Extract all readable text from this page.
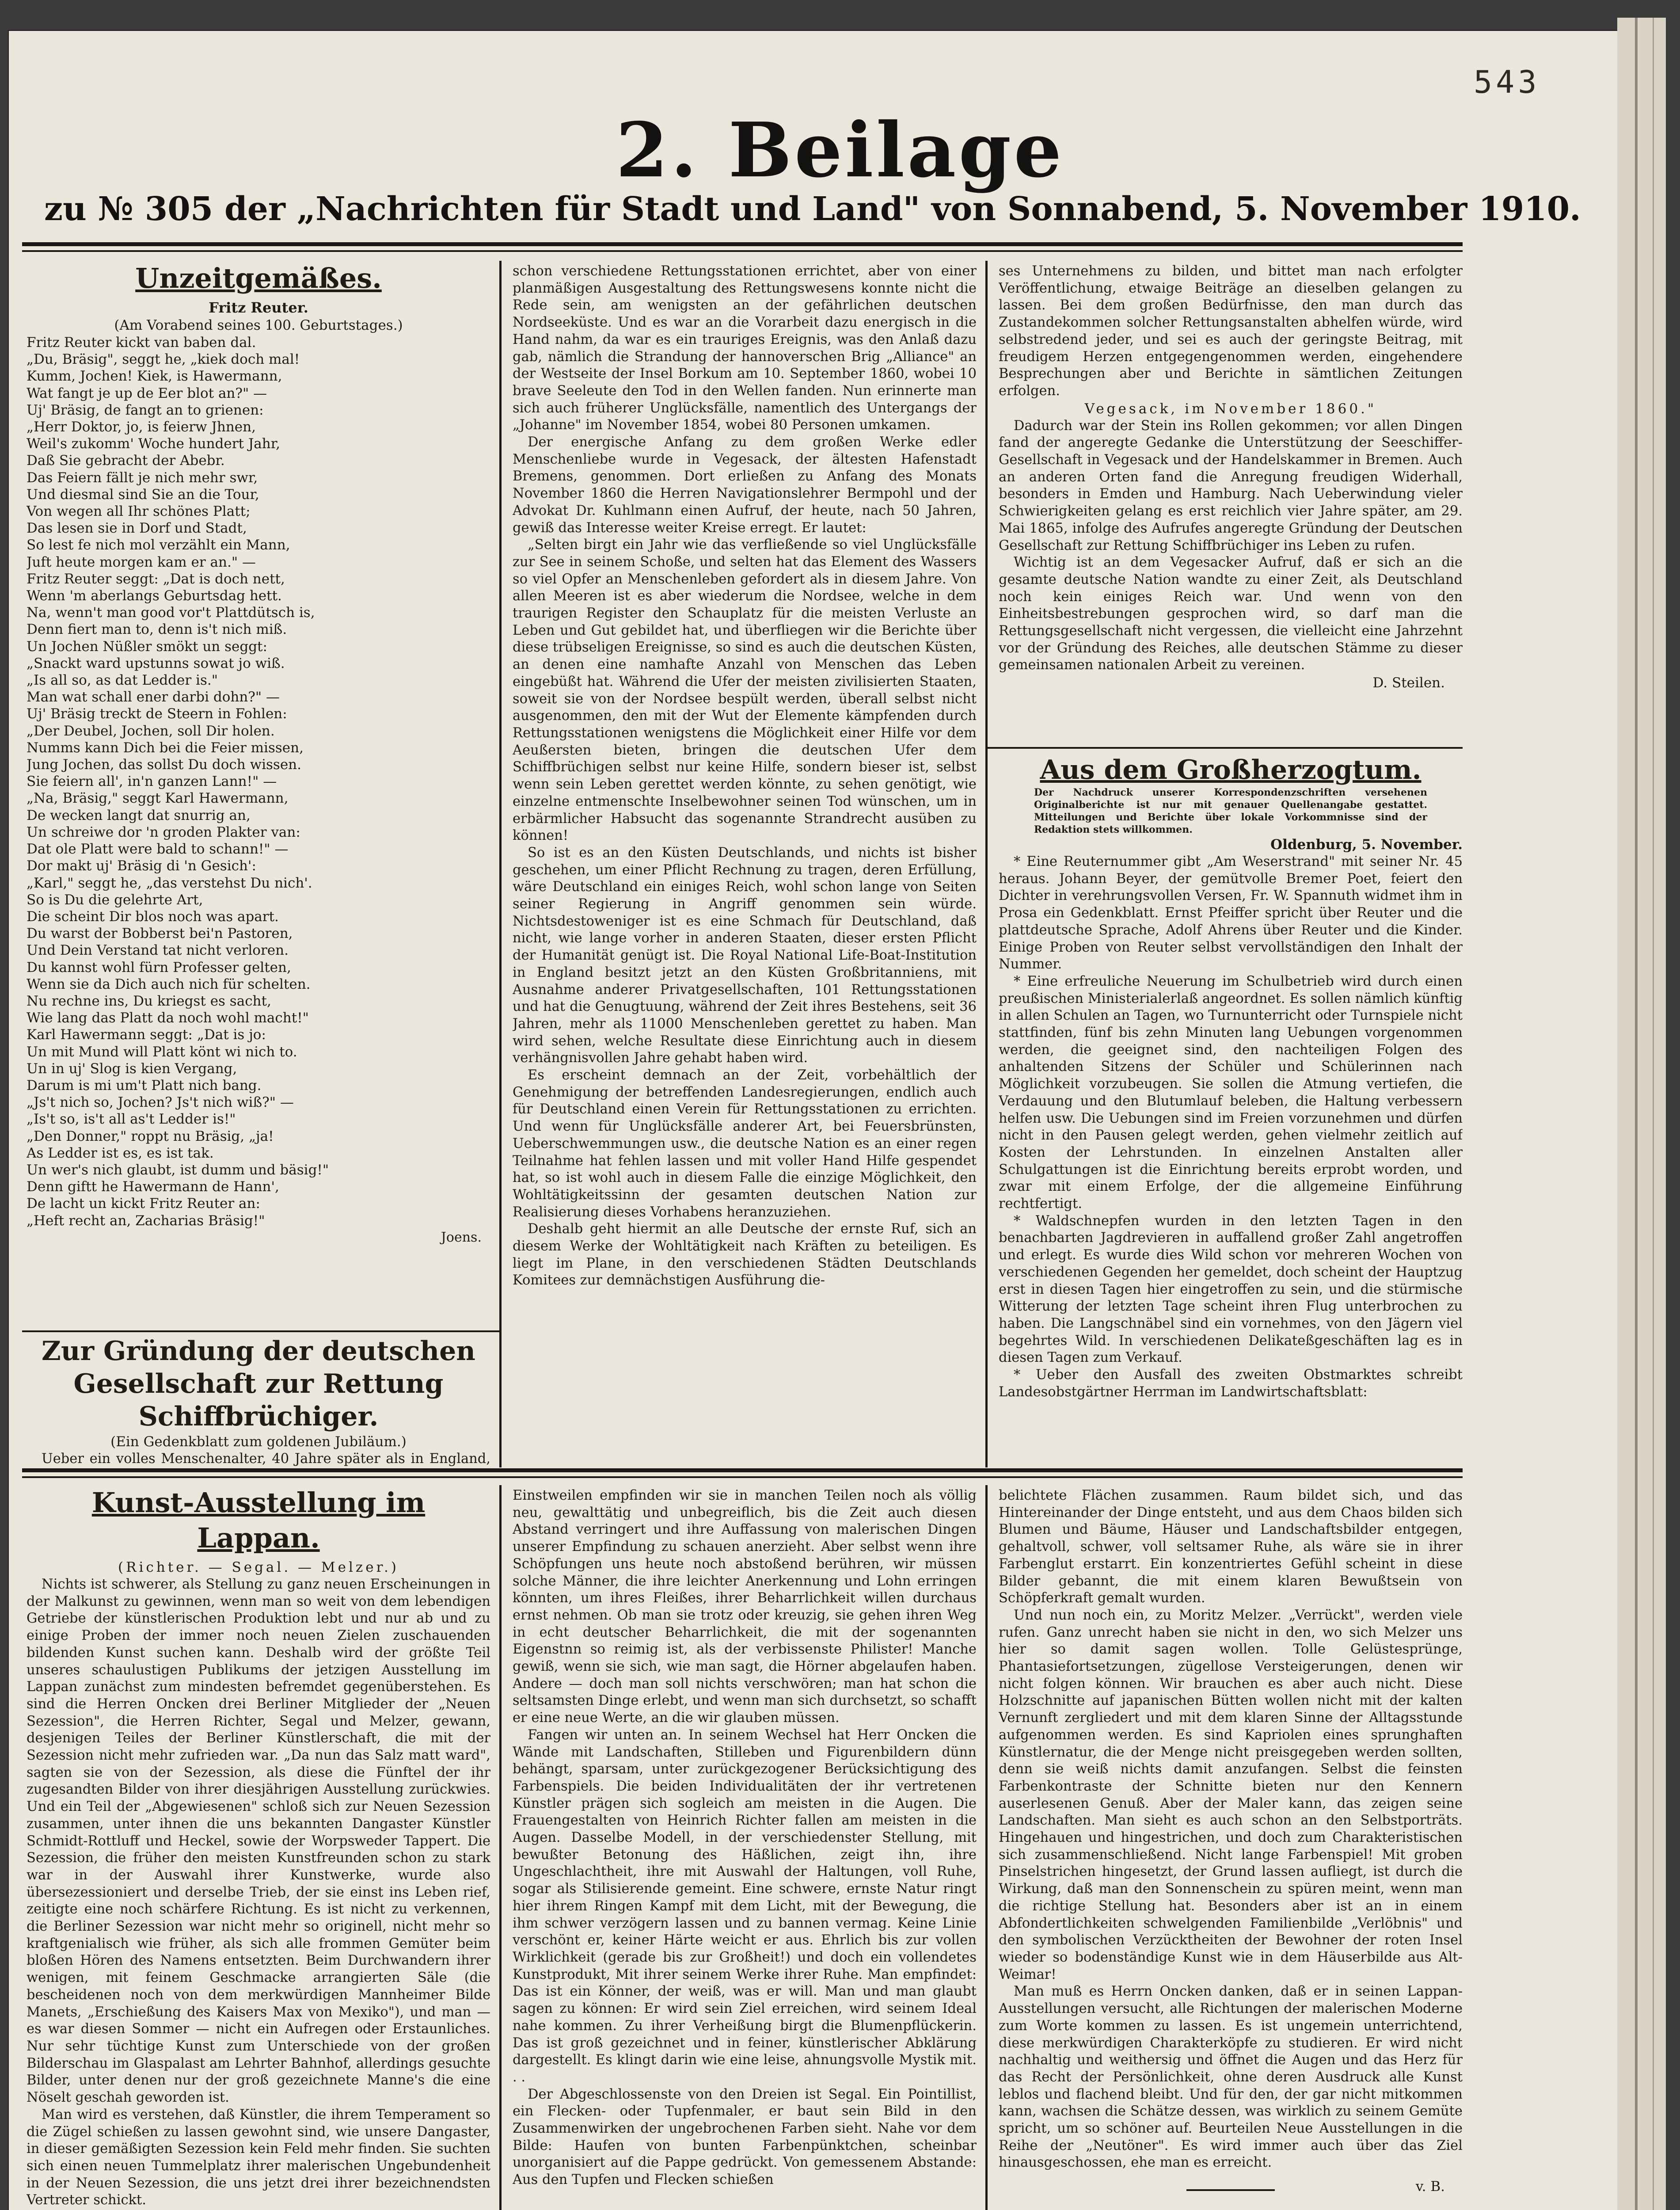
543
2. Beilage
zu № 305 der „Nachrichten für Stadt und Land" von Sonnabend, 5. November 1910.
Unzeitgemäßes.
Fritz Reuter.
(Am Vorabend seines 100. Geburtstages.)
Fritz Reuter kickt van baben dal.
„Du, Bräsig", seggt he, „kiek doch mal!
Kumm, Jochen! Kiek, is Hawermann,
Wat fangt je up de Eer blot an?" —
Uj' Bräsig, de fangt an to grienen:
„Herr Doktor, jo, is feierw Jhnen,
Weil's zukomm' Woche hundert Jahr,
Daß Sie gebracht der Abebr.
Das Feiern fällt je nich mehr swr,
Und diesmal sind Sie an die Tour,
Von wegen all Ihr schönes Platt;
Das lesen sie in Dorf und Stadt,
So lest fe nich mol verzählt ein Mann,
Juft heute morgen kam er an." —
Fritz Reuter seggt: „Dat is doch nett,
Wenn 'm aberlangs Geburtsdag hett.
Na, wenn't man good vor't Plattdütsch is,
Denn fiert man to, denn is't nich miß.
Un Jochen Nüßler smökt un seggt:
„Snackt ward upstunns sowat jo wiß.
„Is all so, as dat Ledder is."
Man wat schall ener darbi dohn?" —
Uj' Bräsig treckt de Steern in Fohlen:
„Der Deubel, Jochen, soll Dir holen.
Numms kann Dich bei die Feier missen,
Jung Jochen, das sollst Du doch wissen.
Sie feiern all', in'n ganzen Lann!" —
„Na, Bräsig," seggt Karl Hawermann,
De wecken langt dat snurrig an,
Un schreiwe dor 'n groden Plakter van:
Dat ole Platt were bald to schann!" —
Dor makt uj' Bräsig di 'n Gesich':
„Karl," seggt he, „das verstehst Du nich'.
So is Du die gelehrte Art,
Die scheint Dir blos noch was apart.
Du warst der Bobberst bei'n Pastoren,
Und Dein Verstand tat nicht verloren.
Du kannst wohl fürn Professer gelten,
Wenn sie da Dich auch nich für schelten.
Nu rechne ins, Du kriegst es sacht,
Wie lang das Platt da noch wohl macht!"
Karl Hawermann seggt: „Dat is jo:
Un mit Mund will Platt könt wi nich to.
Un in uj' Slog is kien Vergang,
Darum is mi um't Platt nich bang.
„Js't nich so, Jochen? Js't nich wiß?" —
„Is't so, is't all as't Ledder is!"
„Den Donner," roppt nu Bräsig, „ja!
As Ledder ist es, es ist tak.
Un wer's nich glaubt, ist dumm und bäsig!"
Denn giftt he Hawermann de Hann',
De lacht un kickt Fritz Reuter an:
„Heft recht an, Zacharias Bräsig!"
Joens.
Zur Gründung der deutschen Gesellschaft zur Rettung Schiffbrüchiger.
(Ein Gedenkblatt zum goldenen Jubiläum.)

Ueber ein volles Menschenalter, 40 Jahre später als in England,

schon verschiedene Rettungsstationen errichtet, aber von einer planmäßigen Ausgestaltung des Rettungswesens konnte nicht die Rede sein, am wenigsten an der gefährlichen deutschen Nordseeküste. Und es war an die Vorarbeit dazu energisch in die Hand nahm, da war es ein trauriges Ereignis, was den Anlaß dazu gab, nämlich die Strandung der hannoverschen Brig „Alliance" an der Westseite der Insel Borkum am 10. September 1860, wobei 10 brave Seeleute den Tod in den Wellen fanden. Nun erinnerte man sich auch früherer Unglücksfälle, namentlich des Untergangs der „Johanne" im November 1854, wobei 80 Personen umkamen.

Der energische Anfang zu dem großen Werke edler Menschenliebe wurde in Vegesack, der ältesten Hafenstadt Bremens, genommen. Dort erließen zu Anfang des Monats November 1860 die Herren Navigationslehrer Bermpohl und der Advokat Dr. Kuhlmann einen Aufruf, der heute, nach 50 Jahren, gewiß das Interesse weiter Kreise erregt. Er lautet:

„Selten birgt ein Jahr wie das verfließende so viel Unglücksfälle zur See in seinem Schoße, und selten hat das Element des Wassers so viel Opfer an Menschenleben gefordert als in diesem Jahre. Von allen Meeren ist es aber wiederum die Nordsee, welche in dem traurigen Register den Schauplatz für die meisten Verluste an Leben und Gut gebildet hat, und überfliegen wir die Berichte über diese trübseligen Ereignisse, so sind es auch die deutschen Küsten, an denen eine namhafte Anzahl von Menschen das Leben eingebüßt hat. Während die Ufer der meisten zivilisierten Staaten, soweit sie von der Nordsee bespült werden, überall selbst nicht ausgenommen, den mit der Wut der Elemente kämpfenden durch Rettungsstationen wenigstens die Möglichkeit einer Hilfe vor dem Aeußersten bieten, bringen die deutschen Ufer dem Schiffbrüchigen selbst nur keine Hilfe, sondern bieser ist, selbst wenn sein Leben gerettet werden könnte, zu sehen genötigt, wie einzelne entmenschte Inselbewohner seinen Tod wünschen, um in erbärmlicher Habsucht das sogenannte Strandrecht ausüben zu können!

So ist es an den Küsten Deutschlands, und nichts ist bisher geschehen, um einer Pflicht Rechnung zu tragen, deren Erfüllung, wäre Deutschland ein einiges Reich, wohl schon lange von Seiten seiner Regierung in Angriff genommen sein würde. Nichtsdestoweniger ist es eine Schmach für Deutschland, daß nicht, wie lange vorher in anderen Staaten, dieser ersten Pflicht der Humanität genügt ist. Die Royal National Life-Boat-Institution in England besitzt jetzt an den Küsten Großbritanniens, mit Ausnahme anderer Privatgesellschaften, 101 Rettungsstationen und hat die Genugtuung, während der Zeit ihres Bestehens, seit 36 Jahren, mehr als 11000 Menschenleben gerettet zu haben. Man wird sehen, welche Resultate diese Einrichtung auch in diesem verhängnisvollen Jahre gehabt haben wird.

Es erscheint demnach an der Zeit, vorbehältlich der Genehmigung der betreffenden Landesregierungen, endlich auch für Deutschland einen Verein für Rettungsstationen zu errichten. Und wenn für Unglücksfälle anderer Art, bei Feuersbrünsten, Ueberschwemmungen usw., die deutsche Nation es an einer regen Teilnahme hat fehlen lassen und mit voller Hand Hilfe gespendet hat, so ist wohl auch in diesem Falle die einzige Möglichkeit, den Wohltätigkeitssinn der gesamten deutschen Nation zur Realisierung dieses Vorhabens heranzuziehen.

Deshalb geht hiermit an alle Deutsche der ernste Ruf, sich an diesem Werke der Wohltätigkeit nach Kräften zu beteiligen. Es liegt im Plane, in den verschiedenen Städten Deutschlands Komitees zur demnächstigen Ausführung die-

ses Unternehmens zu bilden, und bittet man nach erfolgter Veröffentlichung, etwaige Beiträge an dieselben gelangen zu lassen. Bei dem großen Bedürfnisse, den man durch das Zustandekommen solcher Rettungsanstalten abhelfen würde, wird selbstredend jeder, und sei es auch der geringste Beitrag, mit freudigem Herzen entgegengenommen werden, eingehendere Besprechungen aber und Berichte in sämtlichen Zeitungen erfolgen.

Vegesack, im November 1860."

Dadurch war der Stein ins Rollen gekommen; vor allen Dingen fand der angeregte Gedanke die Unterstützung der Seeschiffer-Gesellschaft in Vegesack und der Handelskammer in Bremen. Auch an anderen Orten fand die Anregung freudigen Widerhall, besonders in Emden und Hamburg. Nach Ueberwindung vieler Schwierigkeiten gelang es erst reichlich vier Jahre später, am 29. Mai 1865, infolge des Aufrufes angeregte Gründung der Deutschen Gesellschaft zur Rettung Schiffbrüchiger ins Leben zu rufen.

Wichtig ist an dem Vegesacker Aufruf, daß er sich an die gesamte deutsche Nation wandte zu einer Zeit, als Deutschland noch kein einiges Reich war. Und wenn von den Einheitsbestrebungen gesprochen wird, so darf man die Rettungsgesellschaft nicht vergessen, die vielleicht eine Jahrzehnt vor der Gründung des Reiches, alle deutschen Stämme zu dieser gemeinsamen nationalen Arbeit zu vereinen.

D. Steilen.
Aus dem Großherzogtum.
Der Nachdruck unserer Korrespondenzschriften versehenen Originalberichte ist nur mit genauer Quellenangabe gestattet. Mitteilungen und Berichte über lokale Vorkommnisse sind der Redaktion stets willkommen.
Oldenburg, 5. November.

* Eine Reuternummer gibt „Am Weserstrand" mit seiner Nr. 45 heraus. Johann Beyer, der gemütvolle Bremer Poet, feiert den Dichter in verehrungsvollen Versen, Fr. W. Spannuth widmet ihm in Prosa ein Gedenkblatt. Ernst Pfeiffer spricht über Reuter und die plattdeutsche Sprache, Adolf Ahrens über Reuter und die Kinder. Einige Proben von Reuter selbst vervollständigen den Inhalt der Nummer.

* Eine erfreuliche Neuerung im Schulbetrieb wird durch einen preußischen Ministerialerlaß angeordnet. Es sollen nämlich künftig in allen Schulen an Tagen, wo Turnunterricht oder Turnspiele nicht stattfinden, fünf bis zehn Minuten lang Uebungen vorgenommen werden, die geeignet sind, den nachteiligen Folgen des anhaltenden Sitzens der Schüler und Schülerinnen nach Möglichkeit vorzubeugen. Sie sollen die Atmung vertiefen, die Verdauung und den Blutumlauf beleben, die Haltung verbessern helfen usw. Die Uebungen sind im Freien vorzunehmen und dürfen nicht in den Pausen gelegt werden, gehen vielmehr zeitlich auf Kosten der Lehrstunden. In einzelnen Anstalten aller Schulgattungen ist die Einrichtung bereits erprobt worden, und zwar mit einem Erfolge, der die allgemeine Einführung rechtfertigt.

* Waldschnepfen wurden in den letzten Tagen in den benachbarten Jagdrevieren in auffallend großer Zahl angetroffen und erlegt. Es wurde dies Wild schon vor mehreren Wochen von verschiedenen Gegenden her gemeldet, doch scheint der Hauptzug erst in diesen Tagen hier eingetroffen zu sein, und die stürmische Witterung der letzten Tage scheint ihren Flug unterbrochen zu haben. Die Langschnäbel sind ein vornehmes, von den Jägern viel begehrtes Wild. In verschiedenen Delikateßgeschäften lag es in diesen Tagen zum Verkauf.

* Ueber den Ausfall des zweiten Obstmarktes schreibt Landesobstgärtner Herrman im Landwirtschaftsblatt:

Kunst-Ausstellung im Lappan.
(Richter. — Segal. — Melzer.)

Nichts ist schwerer, als Stellung zu ganz neuen Erscheinungen in der Malkunst zu gewinnen, wenn man so weit von dem lebendigen Getriebe der künstlerischen Produktion lebt und nur ab und zu einige Proben der immer noch neuen Zielen zuschauenden bildenden Kunst suchen kann. Deshalb wird der größte Teil unseres schaulustigen Publikums der jetzigen Ausstellung im Lappan zunächst zum mindesten befremdet gegenüberstehen. Es sind die Herren Oncken drei Berliner Mitglieder der „Neuen Sezession", die Herren Richter, Segal und Melzer, gewann, desjenigen Teiles der Berliner Künstlerschaft, die mit der Sezession nicht mehr zufrieden war. „Da nun das Salz matt ward", sagten sie von der Sezession, als diese die Fünftel der ihr zugesandten Bilder von ihrer diesjährigen Ausstellung zurückwies. Und ein Teil der „Abgewiesenen" schloß sich zur Neuen Sezession zusammen, unter ihnen die uns bekannten Dangaster Künstler Schmidt-Rottluff und Heckel, sowie der Worpsweder Tappert. Die Sezession, die früher den meisten Kunstfreunden schon zu stark war in der Auswahl ihrer Kunstwerke, wurde also übersezessioniert und derselbe Trieb, der sie einst ins Leben rief, zeitigte eine noch schärfere Richtung. Es ist nicht zu verkennen, die Berliner Sezession war nicht mehr so originell, nicht mehr so kraftgenialisch wie früher, als sich alle frommen Gemüter beim bloßen Hören des Namens entsetzten. Beim Durchwandern ihrer wenigen, mit feinem Geschmacke arrangierten Säle (die bescheidenen noch von dem merkwürdigen Mannheimer Bilde Manets, „Erschießung des Kaisers Max von Mexiko"), und man — es war diesen Sommer — nicht ein Aufregen oder Erstaunliches. Nur sehr tüchtige Kunst zum Unterschiede von der großen Bilderschau im Glaspalast am Lehrter Bahnhof, allerdings gesuchte Bilder, unter denen nur der groß gezeichnete Manne's die eine Nöselt geschah geworden ist.

Man wird es verstehen, daß Künstler, die ihrem Temperament so die Zügel schießen zu lassen gewohnt sind, wie unsere Dangaster, in dieser gemäßigten Sezession kein Feld mehr finden. Sie suchten sich einen neuen Tummelplatz ihrer malerischen Ungebundenheit in der Neuen Sezession, die uns jetzt drei ihrer bezeichnendsten Vertreter schickt.

Einstweilen empfinden wir sie in manchen Teilen noch als völlig neu, gewalttätig und unbegreiflich, bis die Zeit auch diesen Abstand verringert und ihre Auffassung von malerischen Dingen unserer Empfindung zu schauen anerzieht. Aber selbst wenn ihre Schöpfungen uns heute noch abstoßend berühren, wir müssen solche Männer, die ihre leichter Anerkennung und Lohn erringen könnten, um ihres Fleißes, ihrer Beharrlichkeit willen durchaus ernst nehmen. Ob man sie trotz oder kreuzig, sie gehen ihren Weg in echt deutscher Beharrlichkeit, die mit der sogenannten Eigenstnn so reimig ist, als der verbissenste Philister! Manche gewiß, wenn sie sich, wie man sagt, die Hörner abgelaufen haben. Andere — doch man soll nichts verschwören; man hat schon die seltsamsten Dinge erlebt, und wenn man sich durchsetzt, so schafft er eine neue Werte, an die wir glauben müssen.

Fangen wir unten an. In seinem Wechsel hat Herr Oncken die Wände mit Landschaften, Stilleben und Figurenbildern dünn behängt, sparsam, unter zurückgezogener Berücksichtigung des Farbenspiels. Die beiden Individualitäten der ihr vertretenen Künstler prägen sich sogleich am meisten in die Augen. Die Frauengestalten von Heinrich Richter fallen am meisten in die Augen. Dasselbe Modell, in der verschiedenster Stellung, mit bewußter Betonung des Häßlichen, zeigt ihn, ihre Ungeschlachtheit, ihre mit Auswahl der Haltungen, voll Ruhe, sogar als Stilisierende gemeint. Eine schwere, ernste Natur ringt hier ihrem Ringen Kampf mit dem Licht, mit der Bewegung, die ihm schwer verzögern lassen und zu bannen vermag. Keine Linie verschönt er, keiner Härte weicht er aus. Ehrlich bis zur vollen Wirklichkeit (gerade bis zur Großheit!) und doch ein vollendetes Kunstprodukt, Mit ihrer seinem Werke ihrer Ruhe. Man empfindet: Das ist ein Könner, der weiß, was er will. Man und man glaubt sagen zu können: Er wird sein Ziel erreichen, wird seinem Ideal nahe kommen. Zu ihrer Verheißung birgt die Blumenpflückerin. Das ist groß gezeichnet und in feiner, künstlerischer Abklärung dargestellt. Es klingt darin wie eine leise, ahnungsvolle Mystik mit. . .

Der Abgeschlossenste von den Dreien ist Segal. Ein Pointillist, ein Flecken- oder Tupfenmaler, er baut sein Bild in den Zusammenwirken der ungebrochenen Farben sieht. Nahe vor dem Bilde: Haufen von bunten Farbenpünktchen, scheinbar unorganisiert auf die Pappe gedrückt. Von gemessenem Abstande: Aus den Tupfen und Flecken schießen

belichtete Flächen zusammen. Raum bildet sich, und das Hintereinander der Dinge entsteht, und aus dem Chaos bilden sich Blumen und Bäume, Häuser und Landschaftsbilder entgegen, gehaltvoll, schwer, voll seltsamer Ruhe, als wäre sie in ihrer Farbenglut erstarrt. Ein konzentriertes Gefühl scheint in diese Bilder gebannt, die mit einem klaren Bewußtsein von Schöpferkraft gemalt wurden.

Und nun noch ein, zu Moritz Melzer. „Verrückt", werden viele rufen. Ganz unrecht haben sie nicht in den, wo sich Melzer uns hier so damit sagen wollen. Tolle Gelüstesprünge, Phantasiefortsetzungen, zügellose Versteigerungen, denen wir nicht folgen können. Wir brauchen es aber auch nicht. Diese Holzschnitte auf japanischen Bütten wollen nicht mit der kalten Vernunft zergliedert und mit dem klaren Sinne der Alltagsstunde aufgenommen werden. Es sind Kapriolen eines sprunghaften Künstlernatur, die der Menge nicht preisgegeben werden sollten, denn sie weiß nichts damit anzufangen. Selbst die feinsten Farbenkontraste der Schnitte bieten nur den Kennern auserlesenen Genuß. Aber der Maler kann, das zeigen seine Landschaften. Man sieht es auch schon an den Selbstporträts. Hingehauen und hingestrichen, und doch zum Charakteristischen sich zusammenschließend. Nicht lange Farbenspiel! Mit groben Pinselstrichen hingesetzt, der Grund lassen aufliegt, ist durch die Wirkung, daß man den Sonnenschein zu spüren meint, wenn man die richtige Stellung hat. Besonders aber ist an in einem Abfondertlichkeiten schwelgenden Familienbilde „Verlöbnis" und den symbolischen Verzücktheiten der Bewohner der roten Insel wieder so bodenständige Kunst wie in dem Häuserbilde aus Alt-Weimar!

Man muß es Herrn Oncken danken, daß er in seinen Lappan-Ausstellungen versucht, alle Richtungen der malerischen Moderne zum Worte kommen zu lassen. Es ist ungemein unterrichtend, diese merkwürdigen Charakterköpfe zu studieren. Er wird nicht nachhaltig und weithersig und öffnet die Augen und das Herz für das Recht der Persönlichkeit, ohne deren Ausdruck alle Kunst leblos und flachend bleibt. Und für den, der gar nicht mitkommen kann, wachsen die Schätze dessen, was wirklich zu seinem Gemüte spricht, um so schöner auf. Beurteilen Neue Ausstellungen in die Reihe der „Neutöner". Es wird immer auch über das Ziel hinausgeschossen, ehe man es erreicht.

v. B.
